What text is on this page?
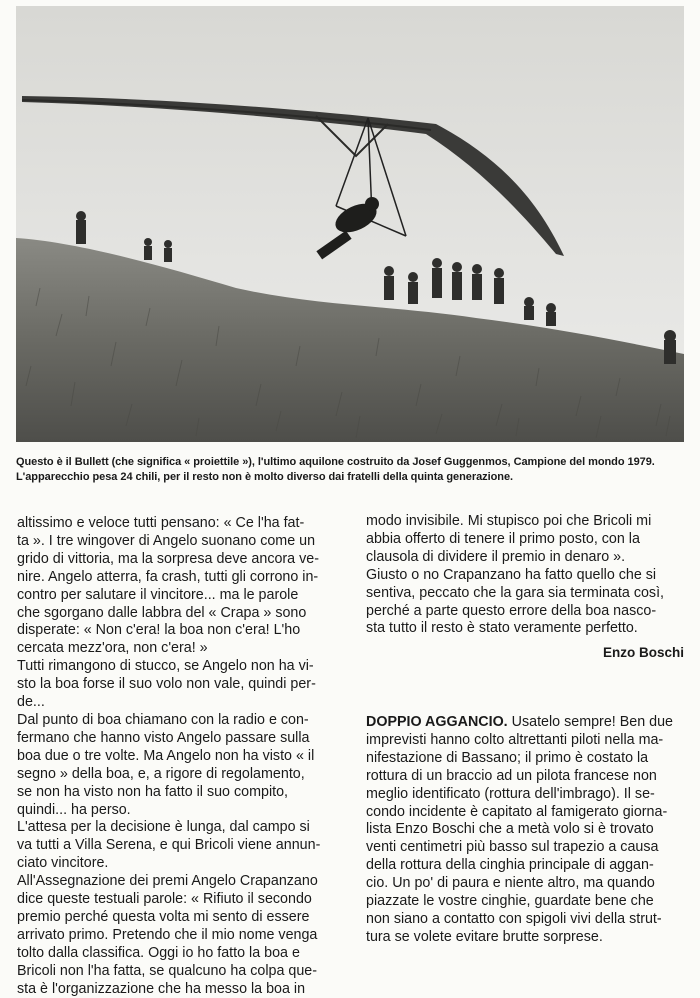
Questo è il Bullett (che significa « proiettile »), l'ultimo aquilone costruito da Josef Guggenmos, Campione del mondo 1979.

L'apparecchio pesa 24 chili, per il resto non è molto diverso dai fratelli della quinta generazione.

altissimo e veloce tutti pensano: « Ce l'ha fat-

ta ». I tre wingover di Angelo suonano come un

grido di vittoria, ma la sorpresa deve ancora ve-

nire. Angelo atterra, fa crash, tutti gli corrono in-

contro per salutare il vincitore... ma le parole

che sgorgano dalle labbra del « Crapa » sono

disperate: « Non c'era! la boa non c'era! L'ho

cercata mezz'ora, non c'era! »

Tutti rimangono di stucco, se Angelo non ha vi-

sto la boa forse il suo volo non vale, quindi per-

de...

Dal punto di boa chiamano con la radio e con-

fermano che hanno visto Angelo passare sulla

boa due o tre volte. Ma Angelo non ha visto « il

segno » della boa, e, a rigore di regolamento,

se non ha visto non ha fatto il suo compito,

quindi... ha perso.

L'attesa per la decisione è lunga, dal campo si

va tutti a Villa Serena, e qui Bricoli viene annun-

ciato vincitore.

All'Assegnazione dei premi Angelo Crapanzano

dice queste testuali parole: « Rifiuto il secondo

premio perché questa volta mi sento di essere

arrivato primo. Pretendo che il mio nome venga

tolto dalla classifica. Oggi io ho fatto la boa e

Bricoli non l'ha fatta, se qualcuno ha colpa que-

sta è l'organizzazione che ha messo la boa in

modo invisibile. Mi stupisco poi che Bricoli mi

abbia offerto di tenere il primo posto, con la

clausola di dividere il premio in denaro ».

Giusto o no Crapanzano ha fatto quello che si

sentiva, peccato che la gara sia terminata così,

perché a parte questo errore della boa nasco-

sta tutto il resto è stato veramente perfetto.

Enzo Boschi

DOPPIO AGGANCIO. Usatelo sempre! Ben due

imprevisti hanno colto altrettanti piloti nella ma-

nifestazione di Bassano; il primo è costato la

rottura di un braccio ad un pilota francese non

meglio identificato (rottura dell'imbrago). Il se-

condo incidente è capitato al famigerato giorna-

lista Enzo Boschi che a metà volo si è trovato

venti centimetri più basso sul trapezio a causa

della rottura della cinghia principale di aggan-

cio. Un po' di paura e niente altro, ma quando

piazzate le vostre cinghie, guardate bene che

non siano a contatto con spigoli vivi della strut-

tura se volete evitare brutte sorprese.
